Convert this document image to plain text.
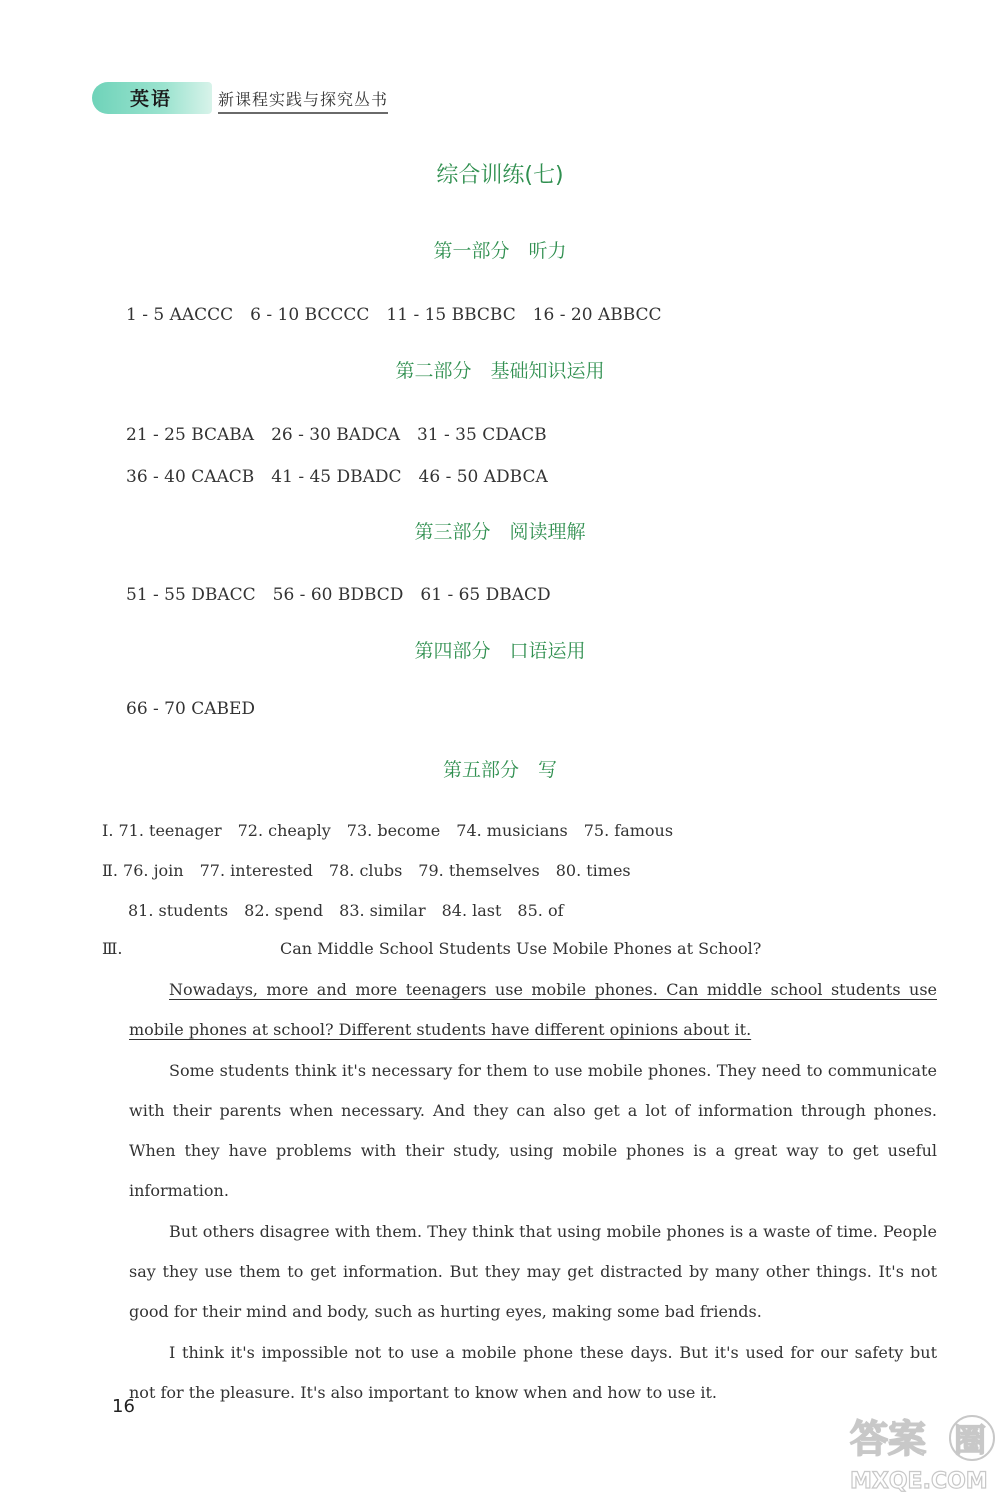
英语	新课程实践与探究丛书
综合训练(七)
第一部分　听力
1 - 5 AACCC　6 - 10 BCCCC　11 - 15 BBCBC　16 - 20 ABBCC
第二部分　基础知识运用
21 - 25 BCABA　26 - 30 BADCA　31 - 35 CDACB
36 - 40 CAACB　41 - 45 DBADC　46 - 50 ADBCA
第三部分　阅读理解
51 - 55 DBACC　56 - 60 BDBCD　61 - 65 DBACD
第四部分　口语运用
66 - 70 CABED
第五部分　写
Ⅰ. 71. teenager　72. cheaply　73. become　74. musicians　75. famous
Ⅱ. 76. join　77. interested　78. clubs　79. themselves　80. times
81. students　82. spend　83. similar　84. last　85. of
Ⅲ.	Can Middle School Students Use Mobile Phones at School?

Nowadays, more and more teenagers use mobile phones. Can middle school students use mobile phones at school? Different students have different opinions about it.

Some students think it's necessary for them to use mobile phones. They need to communicate with their parents when necessary. And they can also get a lot of information through phones. When they have problems with their study, using mobile phones is a great way to get useful information.

But others disagree with them. They think that using mobile phones is a waste of time. People say they use them to get information. But they may get distracted by many other things. It's not good for their mind and body, such as hurting eyes, making some bad friends.

I think it's impossible not to use a mobile phone these days. But it's used for our safety but not for the pleasure. It's also important to know when and how to use it.

16
答案 圈
MXQE.COM
